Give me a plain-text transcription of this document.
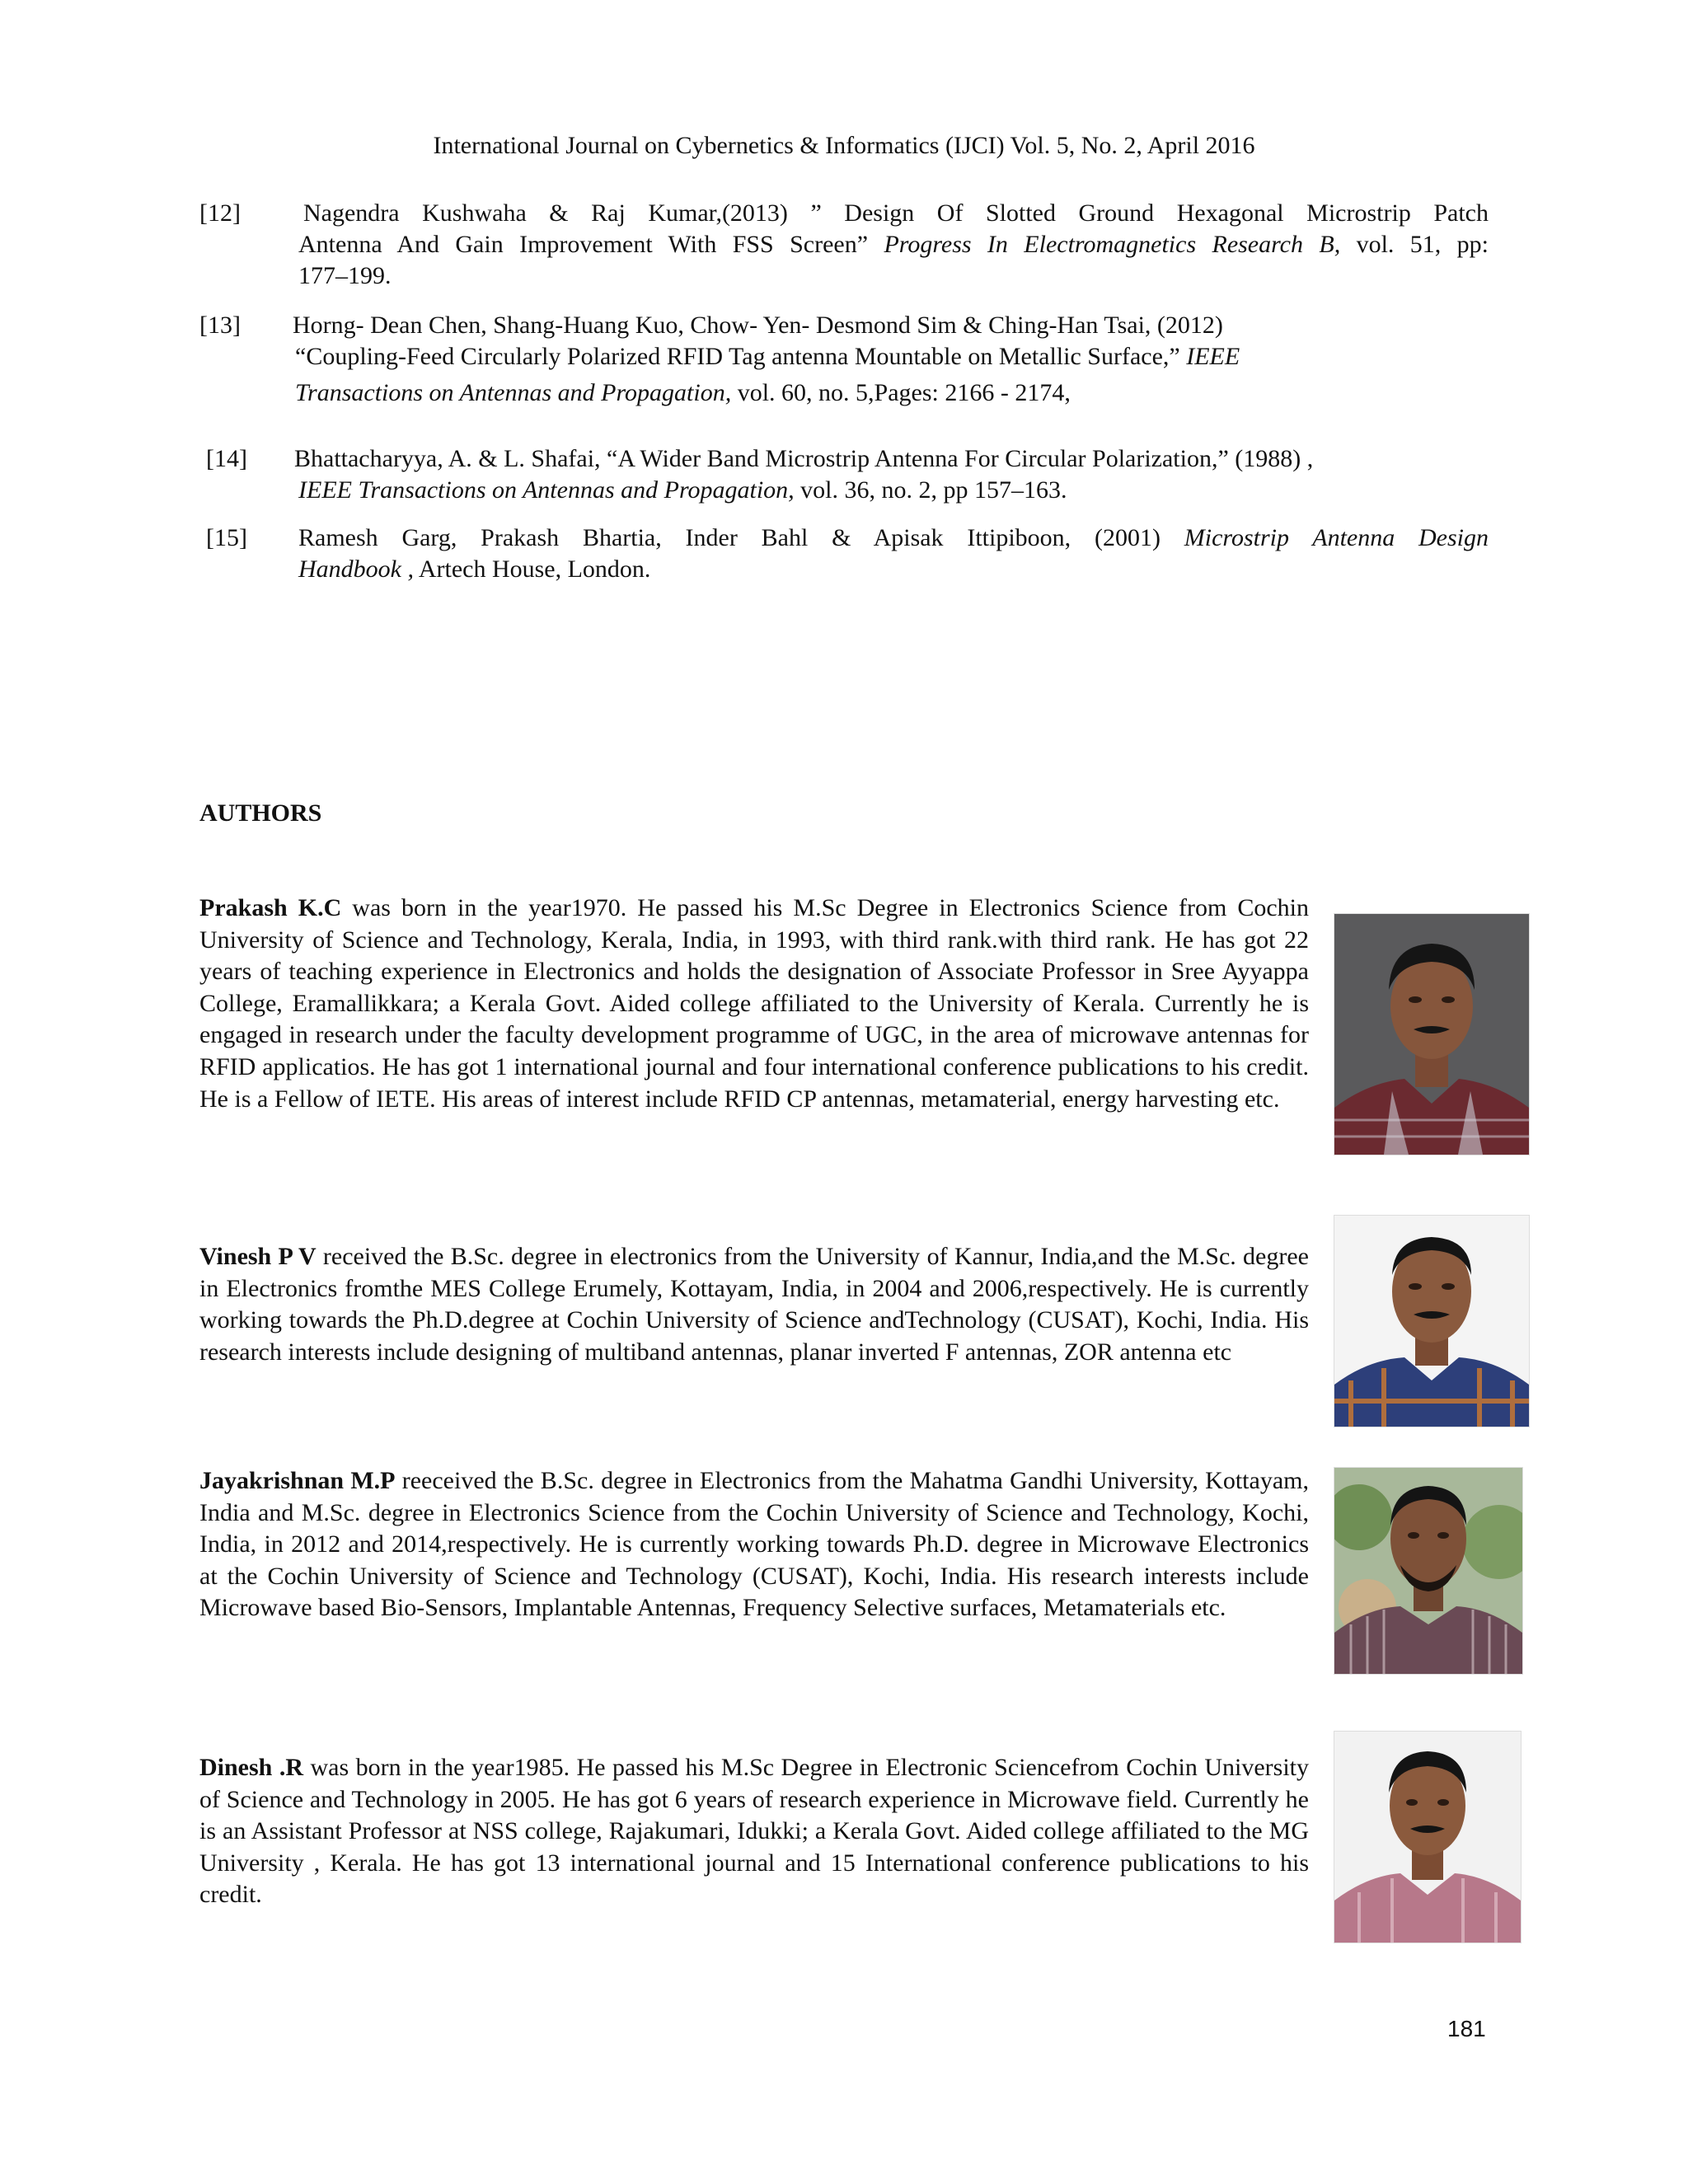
International Journal on Cybernetics & Informatics (IJCI) Vol. 5, No. 2, April 2016
[12]	Nagendra Kushwaha & Raj Kumar,(2013) ” Design Of Slotted Ground Hexagonal Microstrip Patch
Antenna And Gain Improvement With FSS Screen” Progress In Electromagnetics Research B, vol. 51, pp:
177–199.
[13] Horng- Dean Chen, Shang-Huang Kuo, Chow- Yen- Desmond Sim & Ching-Han Tsai, (2012)
“Coupling-Feed Circularly Polarized RFID Tag antenna Mountable on Metallic Surface,” IEEE
Transactions on Antennas and Propagation, vol. 60, no. 5,Pages: 2166 - 2174,
[14] Bhattacharyya, A. & L. Shafai, “A Wider Band Microstrip Antenna For Circular Polarization,” (1988) ,
IEEE Transactions on Antennas and Propagation, vol. 36, no. 2, pp 157–163.
[15] Ramesh Garg, Prakash Bhartia, Inder Bahl & Apisak Ittipiboon, (2001) Microstrip Antenna Design
Handbook , Artech House, London.
AUTHORS
Prakash K.C was born in the year1970. He passed his M.Sc Degree in Electronics Science from Cochin University of Science and Technology, Kerala, India, in 1993, with third rank.with third rank. He has got 22 years of teaching experience in Electronics and holds the designation of Associate Professor in Sree Ayyappa College, Eramallikkara; a Kerala Govt. Aided college affiliated to the University of Kerala. Currently he is engaged in research under the faculty development programme of UGC, in the area of microwave antennas for RFID applicatios. He has got 1 international journal and four international conference publications to his credit. He is a Fellow of IETE. His areas of interest include RFID CP antennas, metamaterial, energy harvesting etc.
Vinesh P V received the B.Sc. degree in electronics from the University of Kannur, India,and the M.Sc. degree in Electronics fromthe MES College Erumely, Kottayam, India, in 2004 and 2006,respectively. He is currently working towards the Ph.D.degree at Cochin University of Science andTechnology (CUSAT), Kochi, India. His research interests include designing of multiband antennas, planar inverted F antennas, ZOR antenna etc
Jayakrishnan M.P reeceived the B.Sc. degree in Electronics from the Mahatma Gandhi University, Kottayam, India and M.Sc. degree in Electronics Science from the Cochin University of Science and Technology, Kochi, India, in 2012 and 2014,respectively. He is currently working towards Ph.D. degree in Microwave Electronics at the Cochin University of Science and Technology (CUSAT), Kochi, India. His research interests include Microwave based Bio-Sensors, Implantable Antennas, Frequency Selective surfaces, Metamaterials etc.
Dinesh .R was born in the year1985. He passed his M.Sc Degree in Electronic Sciencefrom Cochin University of Science and Technology in 2005. He has got 6 years of research experience in Microwave field. Currently he is an Assistant Professor at NSS college, Rajakumari, Idukki; a Kerala Govt. Aided college affiliated to the MG University , Kerala. He has got 13 international journal and 15 International conference publications to his credit.
181
